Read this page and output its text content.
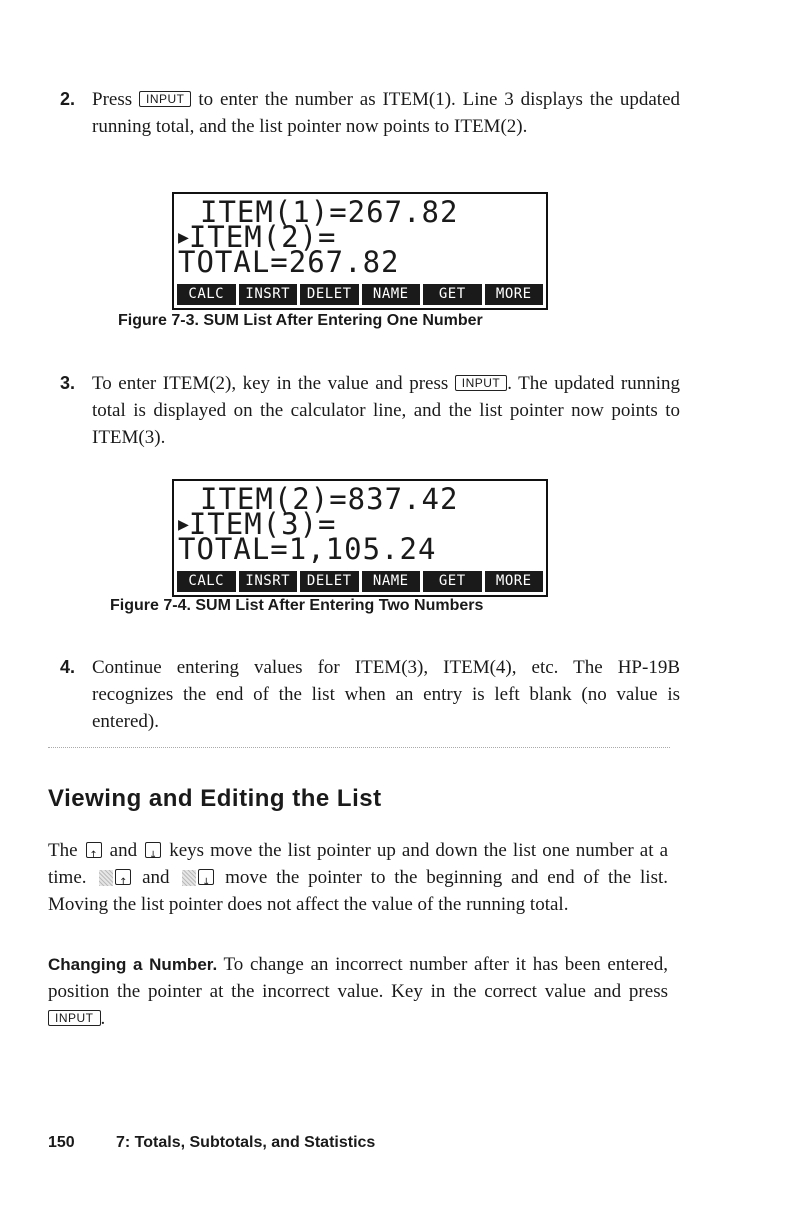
2. Press INPUT to enter the number as ITEM(1). Line 3 displays the updated running total, and the list pointer now points to ITEM(2).
ITEM(1)=267.82
▶ITEM(2)=
TOTAL=267.82
CALC	INSRT	DELET	NAME	GET	MORE
Figure 7-3. SUM List After Entering One Number
3. To enter ITEM(2), key in the value and press INPUT . The updated running total is displayed on the calculator line, and the list pointer now points to ITEM(3).
ITEM(2)=837.42
▶ITEM(3)=
TOTAL=1,105.24
CALC	INSRT	DELET	NAME	GET	MORE
Figure 7-4. SUM List After Entering Two Numbers
4. Continue entering values for ITEM(3), ITEM(4), etc. The HP-19B recognizes the end of the list when an entry is left blank (no value is entered).
Viewing and Editing the List
The ↑ and ↓ keys move the list pointer up and down the list one number at a time.	↑ and	↓ move the pointer to the beginning and end of the list. Moving the list pointer does not affect the value of the running total.
Changing a Number. To change an incorrect number after it has been entered, position the pointer at the incorrect value. Key in the correct value and press INPUT .
150	7: Totals, Subtotals, and Statistics
